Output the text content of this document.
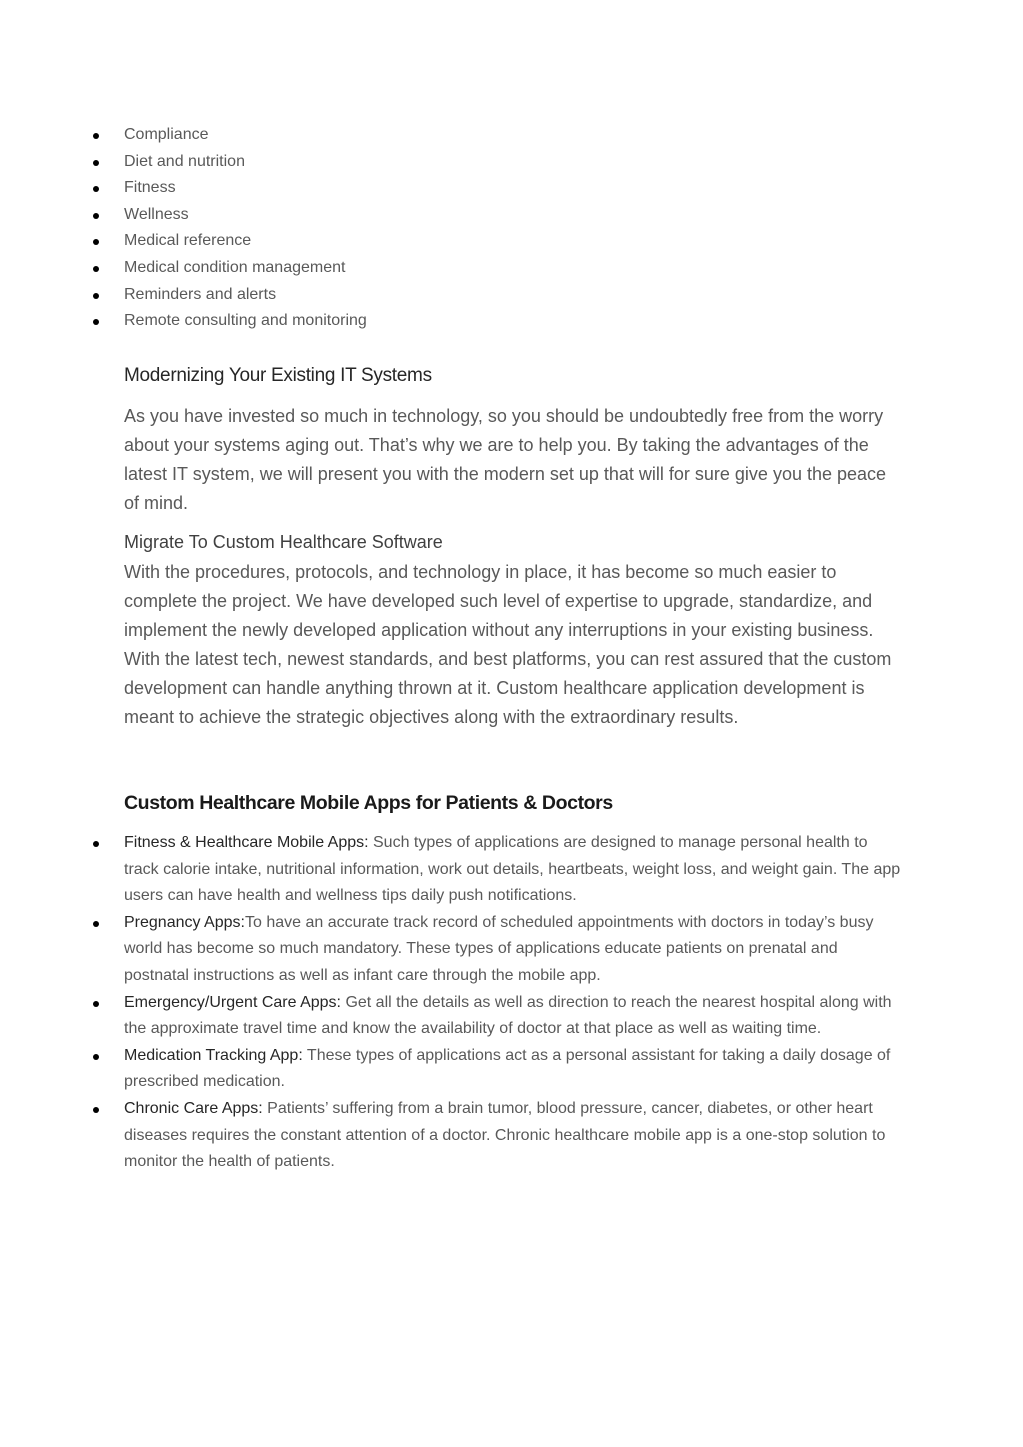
Compliance
Diet and nutrition
Fitness
Wellness
Medical reference
Medical condition management
Reminders and alerts
Remote consulting and monitoring
Modernizing Your Existing IT Systems

As you have invested so much in technology, so you should be undoubtedly free from the worry about your systems aging out. That’s why we are to help you. By taking the advantages of the latest IT system, we will present you with the modern set up that will for sure give you the peace of mind.

Migrate To Custom Healthcare Software

With the procedures, protocols, and technology in place, it has become so much easier to complete the project. We have developed such level of expertise to upgrade, standardize, and implement the newly developed application without any interruptions in your existing business. With the latest tech, newest standards, and best platforms, you can rest assured that the custom development can handle anything thrown at it. Custom healthcare application development is meant to achieve the strategic objectives along with the extraordinary results.

Custom Healthcare Mobile Apps for Patients & Doctors
Fitness & Healthcare Mobile Apps: Such types of applications are designed to manage personal health to track calorie intake, nutritional information, work out details, heartbeats, weight loss, and weight gain. The app users can have health and wellness tips daily push notifications.
Pregnancy Apps:To have an accurate track record of scheduled appointments with doctors in today’s busy world has become so much mandatory. These types of applications educate patients on prenatal and postnatal instructions as well as infant care through the mobile app.
Emergency/Urgent Care Apps: Get all the details as well as direction to reach the nearest hospital along with the approximate travel time and know the availability of doctor at that place as well as waiting time.
Medication Tracking App: These types of applications act as a personal assistant for taking a daily dosage of prescribed medication.
Chronic Care Apps: Patients’ suffering from a brain tumor, blood pressure, cancer, diabetes, or other heart diseases requires the constant attention of a doctor. Chronic healthcare mobile app is a one-stop solution to monitor the health of patients.
